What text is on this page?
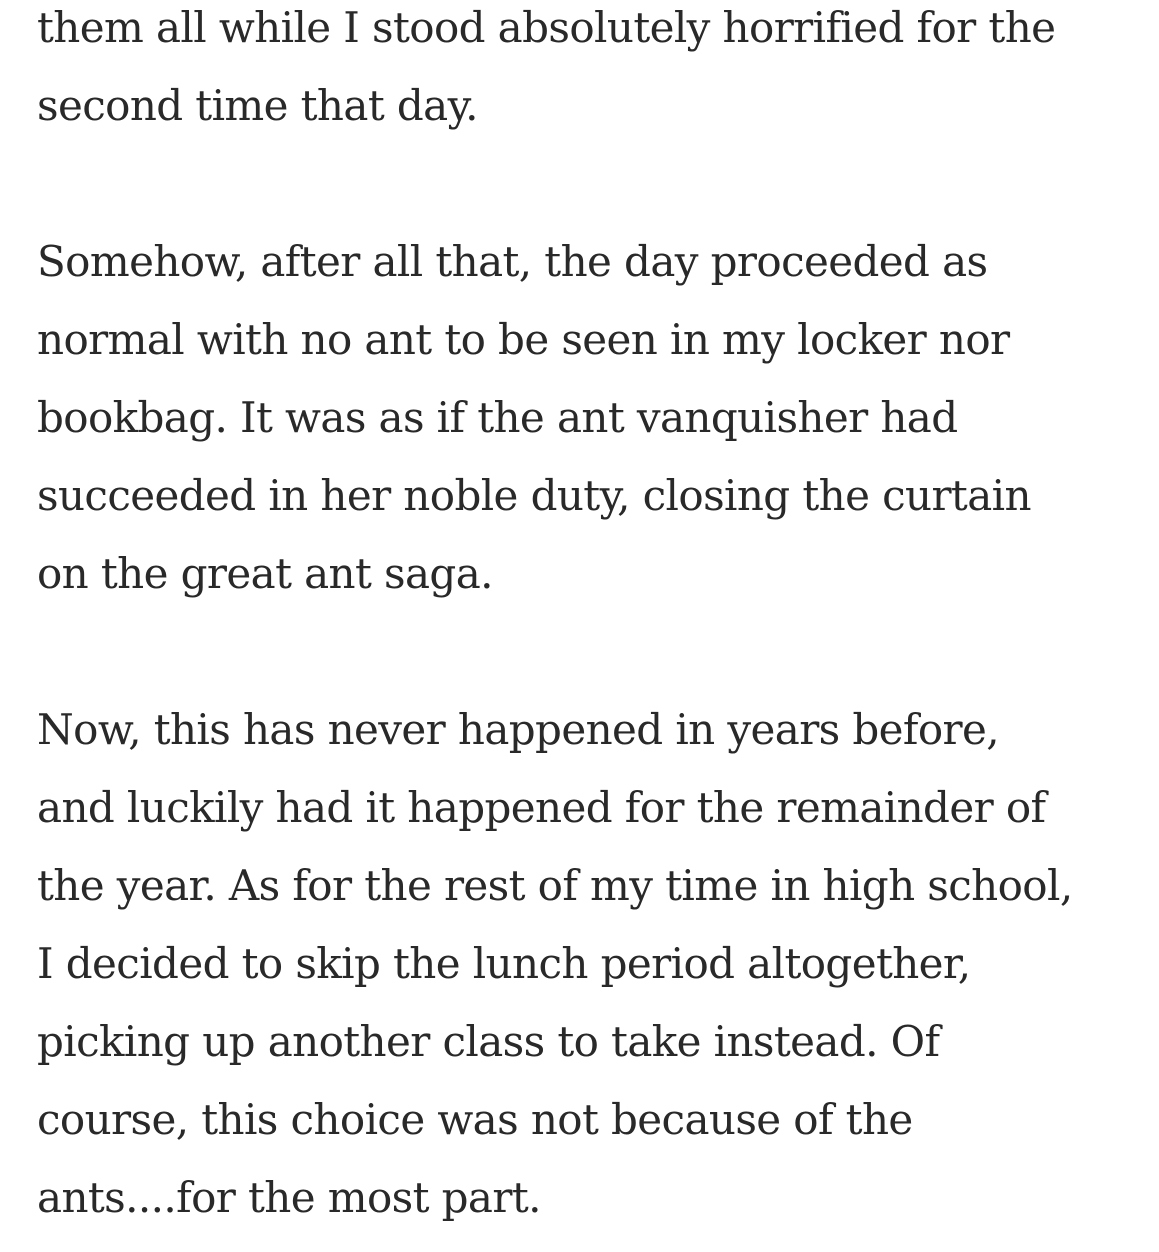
them all while I stood absolutely horrified for the
second time that day.

Somehow, after all that, the day proceeded as
normal with no ant to be seen in my locker nor
bookbag. It was as if the ant vanquisher had
succeeded in her noble duty, closing the curtain
on the great ant saga.

Now, this has never happened in years before,
and luckily had it happened for the remainder of
the year. As for the rest of my time in high school,
I decided to skip the lunch period altogether,
picking up another class to take instead. Of
course, this choice was not because of the
ants....for the most part.
